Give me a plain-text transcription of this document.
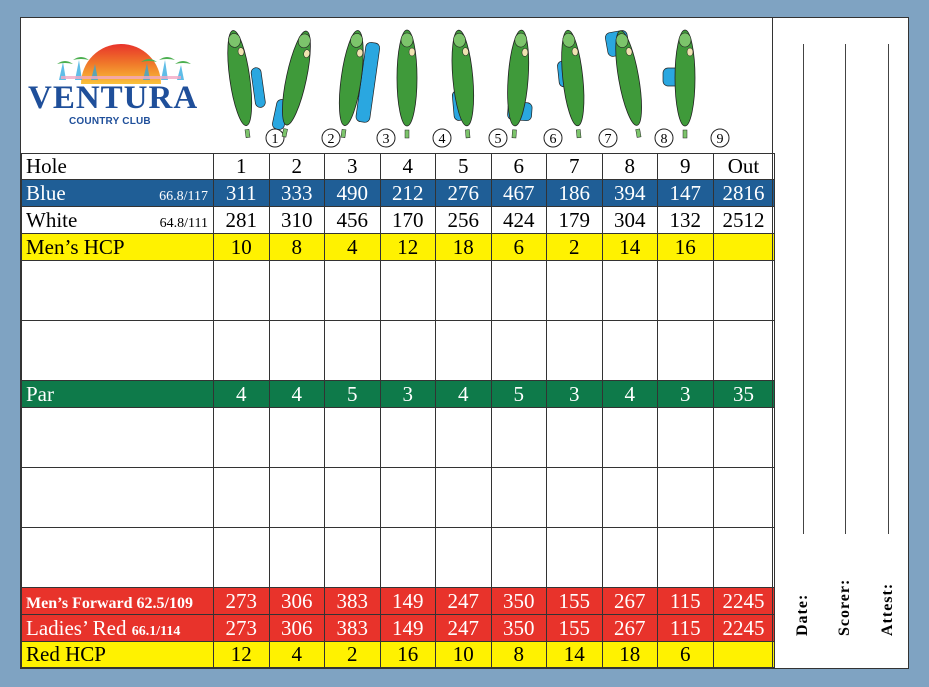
VENTURA
COUNTRY CLUB
1	2	3	4	5	6	7	8	9
Hole	1	2	3	4	5	6	7	8	9	Out

Blue 66.8/117	311	333	490	212	276	467	186	394	147	2816

White 64.8/111	281	310	456	170	256	424	179	304	132	2512
Men’s HCP	10	8	4	12	18	6	2	14	16	

Par	4	4	5	3	4	5	3	4	3	35

Men’s Forward 62.5/109	273	306	383	149	247	350	155	267	115	2245
Ladies’ Red 66.1/114	273	306	383	149	247	350	155	267	115	2245
Red HCP	12	4	2	16	10	8	14	18	6	
Date: Scorer: Attest:
